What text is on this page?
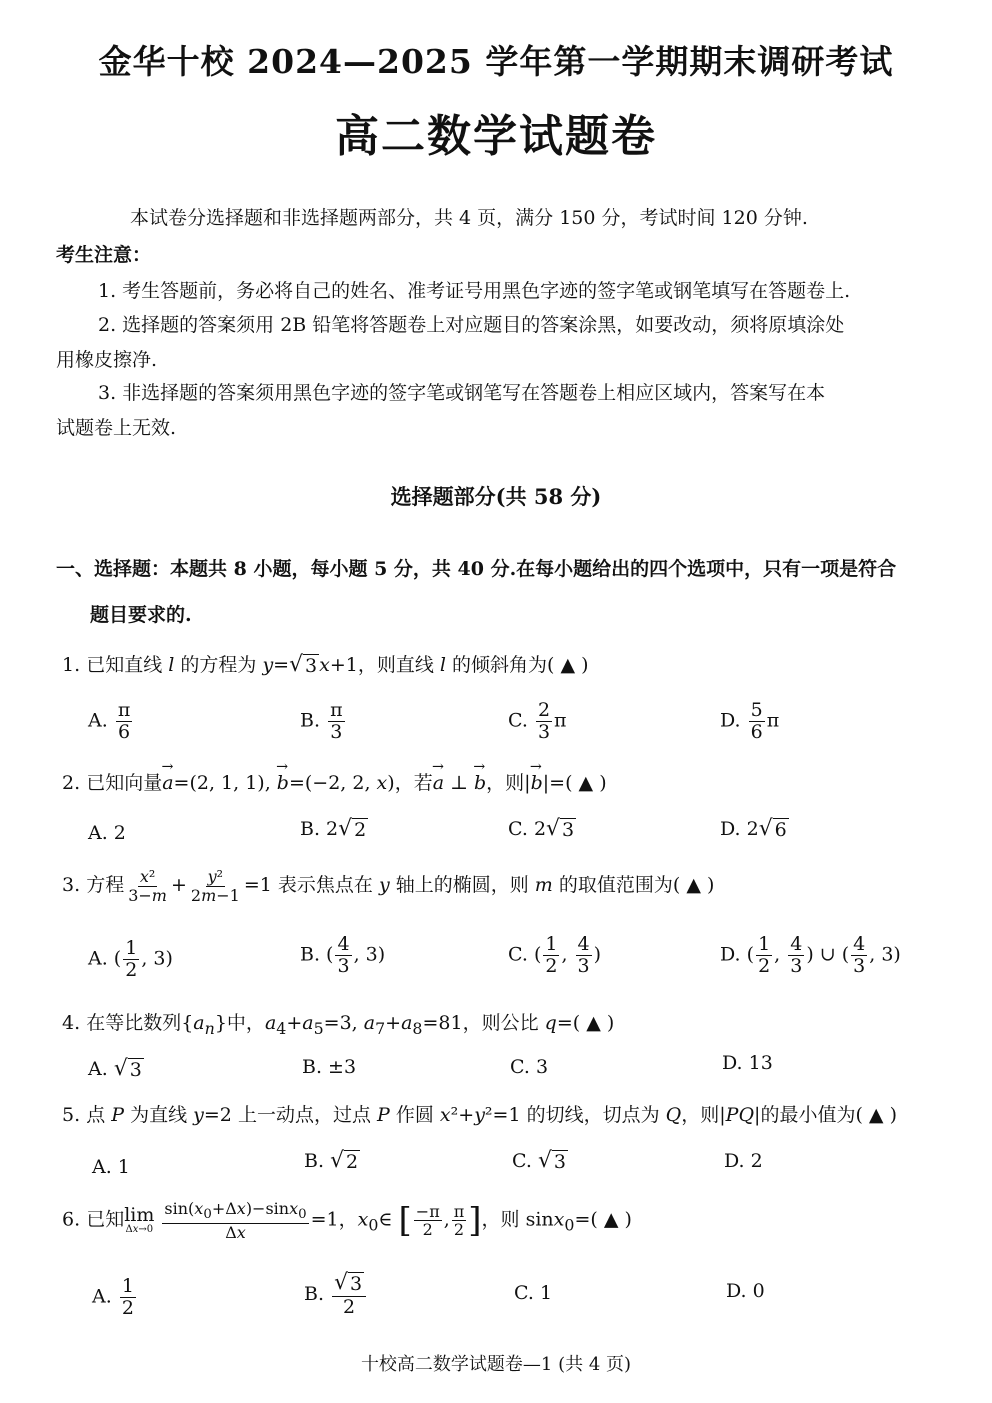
金华十校 2024—2025 学年第一学期期末调研考试
高二数学试题卷
本试卷分选择题和非选择题两部分，共 4 页，满分 150 分，考试时间 120 分钟.
考生注意：
1. 考生答题前，务必将自己的姓名、准考证号用黑色字迹的签字笔或钢笔填写在答题卷上.
2. 选择题的答案须用 2B 铅笔将答题卷上对应题目的答案涂黑，如要改动，须将原填涂处
用橡皮擦净.
3. 非选择题的答案须用黑色字迹的签字笔或钢笔写在答题卷上相应区域内，答案写在本
试题卷上无效.
选择题部分(共 58 分)
一、选择题：本题共 8 小题，每小题 5 分，共 40 分.在每小题给出的四个选项中，只有一项是符合
题目要求的.
1. 已知直线 l 的方程为 y= √ 3 x+1，则直线 l 的倾斜角为( ▲ )
A. $\frac{\pi}{6}$	B. $\frac{\pi}{3}$	C. $\frac{2}{3}$ π	D. $\frac{5}{6}$ π
2. 已知向量→ a=(2, 1, 1), → b=(−2, 2, x)，若→ a ⊥ → b，则|→ b|=( ▲ )
A. 2	B. 2 √ 2	C. 2 √ 3	D. 2 √ 6
3. 方程 $\frac{\text{x²}}{3-m} + \frac{\text{y²}}{2m-1} =1$ 表示焦点在 y 轴上的椭圆，则 m 的取值范围为( ▲ )
A. ( $\frac{1}{2}$ , 3)	B. ( $\frac{4}{3}$ , 3)	C. ( $\frac{1}{2}$ , $\frac{4}{3}$ )	D. ( $\frac{1}{2}$ , $\frac{4}{3}$ ) ∪ ( $\frac{4}{3}$ , 3)
4. 在等比数列$\{a_n\}$中，$a_4+a_5=3$, $a_7+a_8=81$，则公比 q=( ▲ )
A. √ 3	B. ±3	C. 3	D. 13
5. 点 P 为直线 y=2 上一动点，过点 P 作圆 x²+y²=1 的切线，切点为 Q，则|PQ|的最小值为( ▲ )
A. 1	B. √ 2	C. √ 3	D. 2
6. 已知 lim
Δx→0
$\frac{\sin(x_0+\Delta x)-\sin x_0}{\Delta x} =1$，$x_0\in$ [ $\frac{-\pi}{2}$ , $\frac{\pi}{2}$ ]，则 sinx$_0$=( ▲ )
A. $\frac{1}{2}$	B. $\frac{√ 3}{2}$	C. 1	D. 0
十校高二数学试题卷—1 (共 4 页)
